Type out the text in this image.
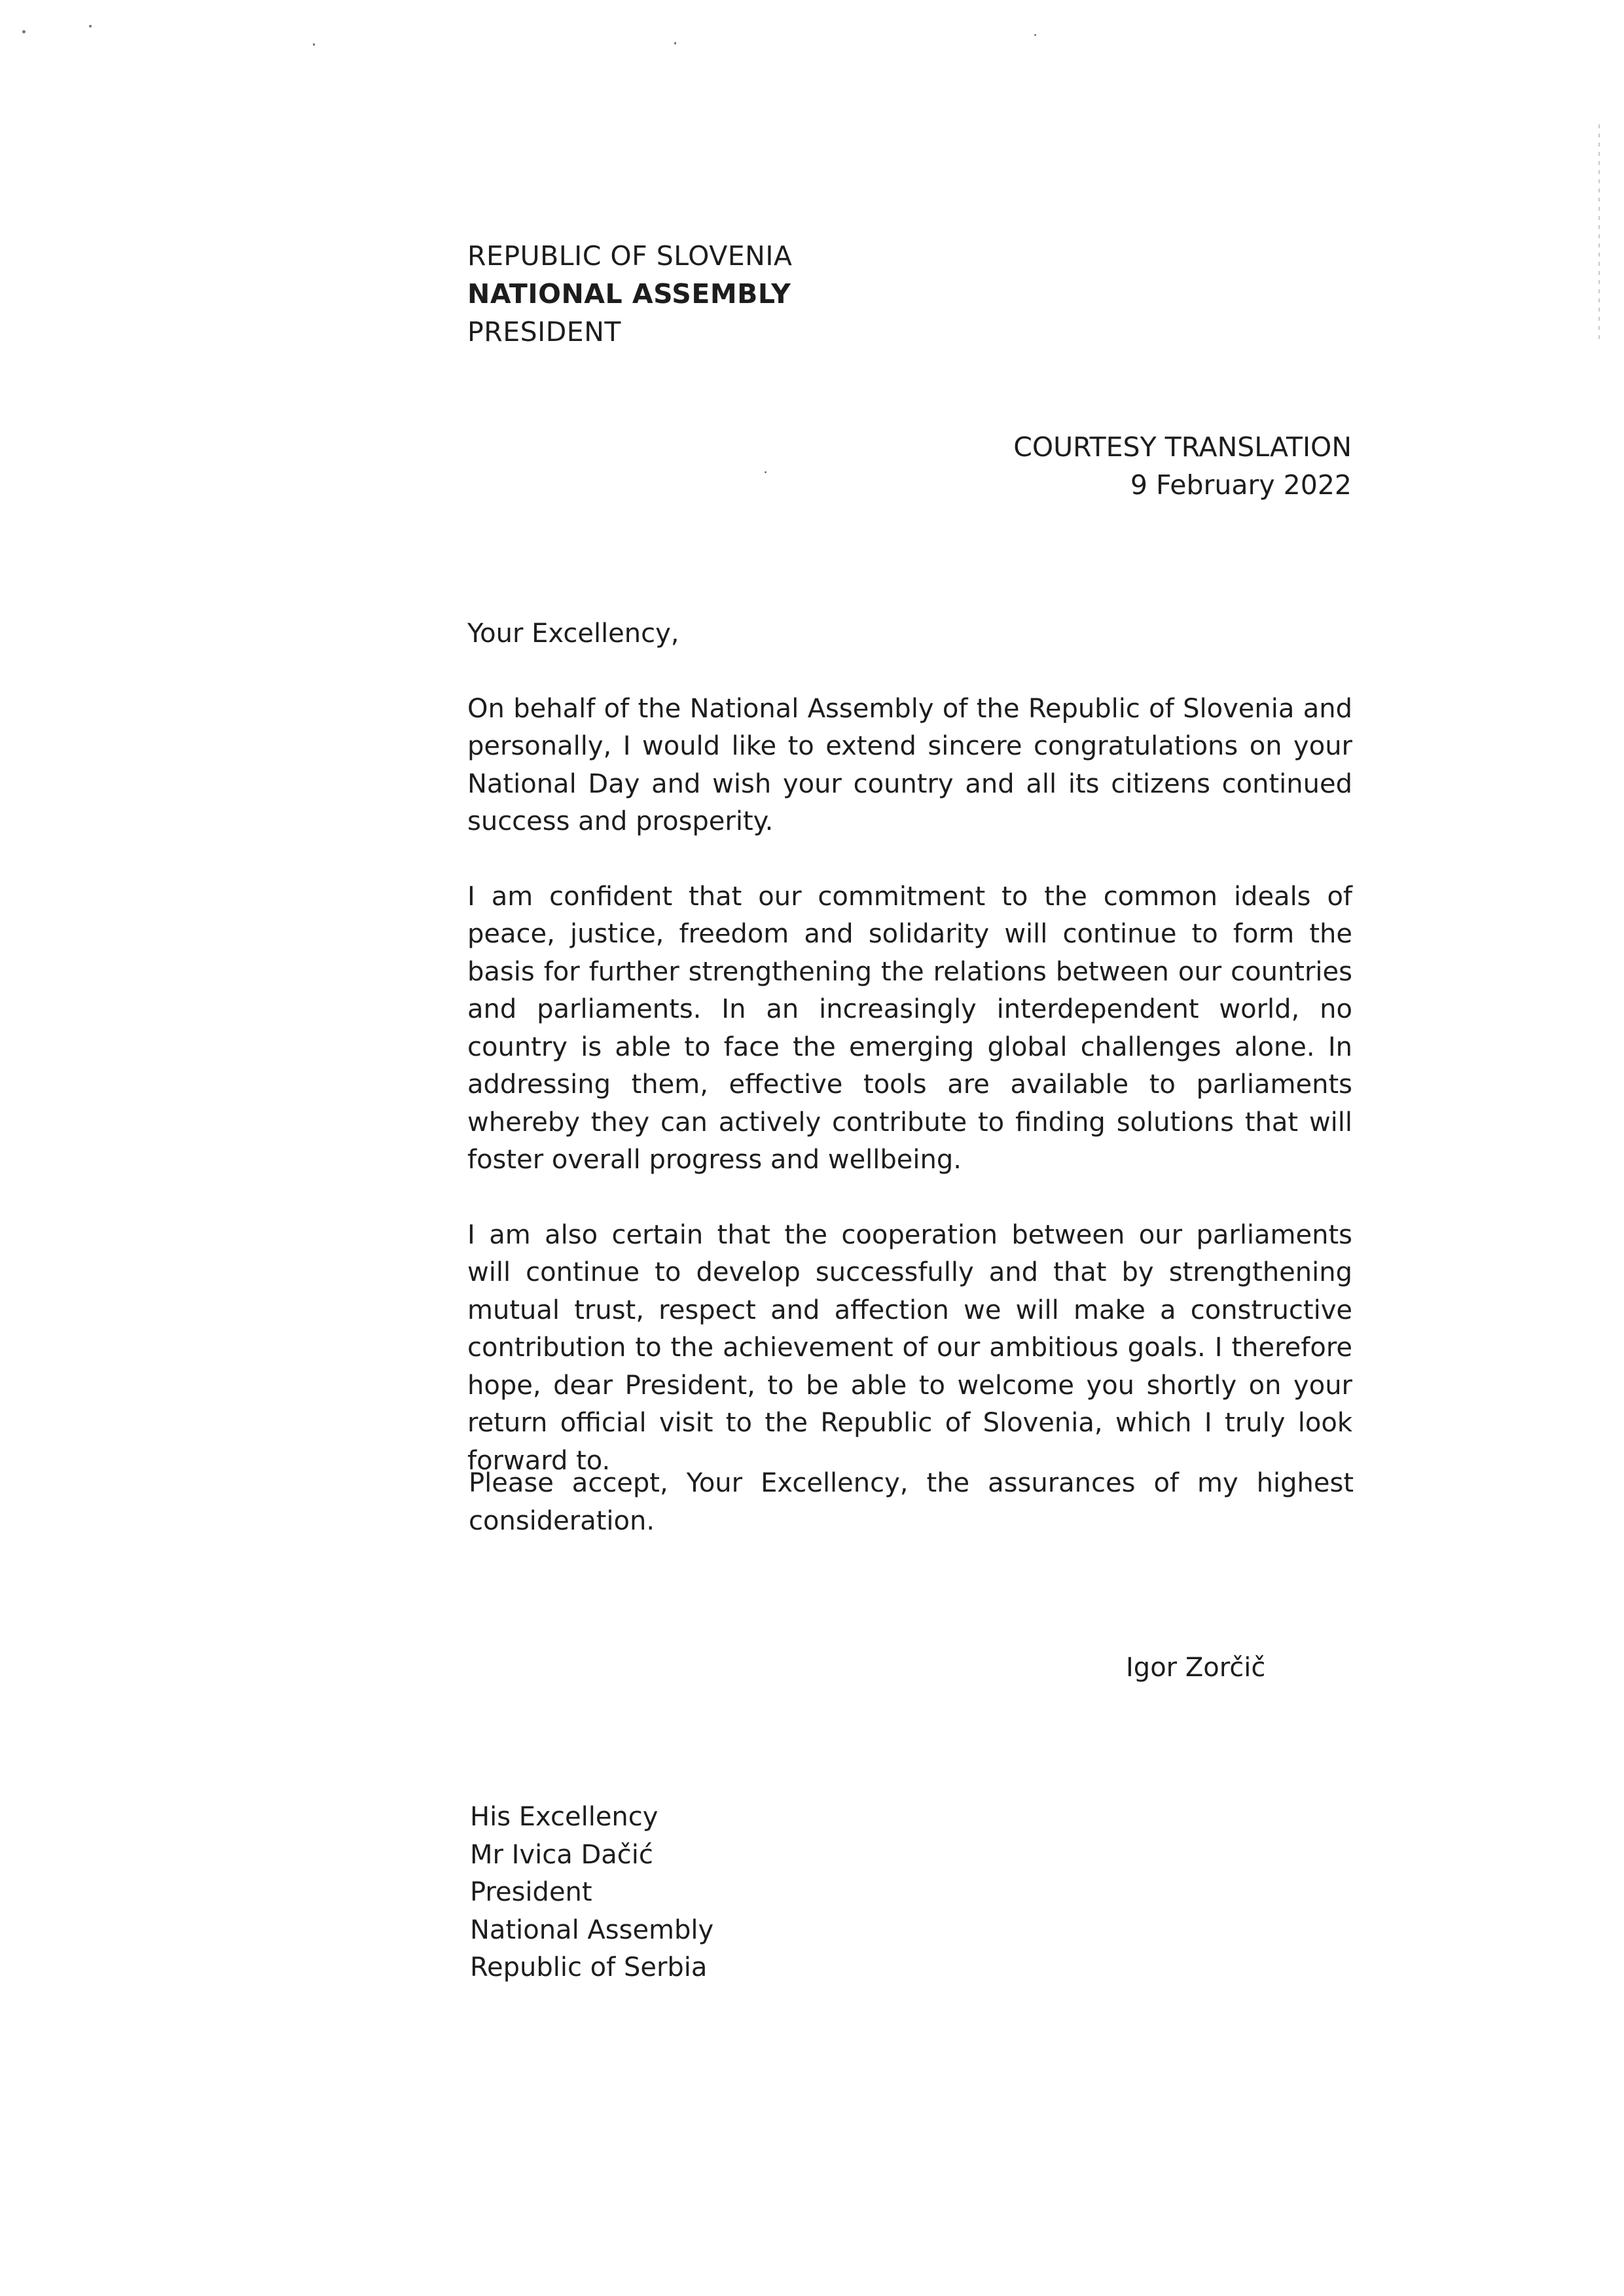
REPUBLIC OF SLOVENIA
NATIONAL ASSEMBLY
PRESIDENT
COURTESY TRANSLATION
9 February 2022
Your Excellency,
On behalf of the National Assembly of the Republic of Slovenia and personally, I would like to extend sincere congratulations on your National Day and wish your country and all its citizens continued success and prosperity.
I am confident that our commitment to the common ideals of peace, justice, freedom and solidarity will continue to form the basis for further strengthening the relations between our countries and parliaments. In an increasingly interdependent world, no country is able to face the emerging global challenges alone. In addressing them, effective tools are available to parliaments whereby they can actively contribute to finding solutions that will foster overall progress and wellbeing.
I am also certain that the cooperation between our parliaments will continue to develop successfully and that by strengthening mutual trust, respect and affection we will make a constructive contribution to the achievement of our ambitious goals. I therefore hope, dear President, to be able to welcome you shortly on your return official visit to the Republic of Slovenia, which I truly look forward to.
Please accept, Your Excellency, the assurances of my highest consideration.
Igor Zorčič
His Excellency
Mr Ivica Dačić
President
National Assembly
Republic of Serbia
